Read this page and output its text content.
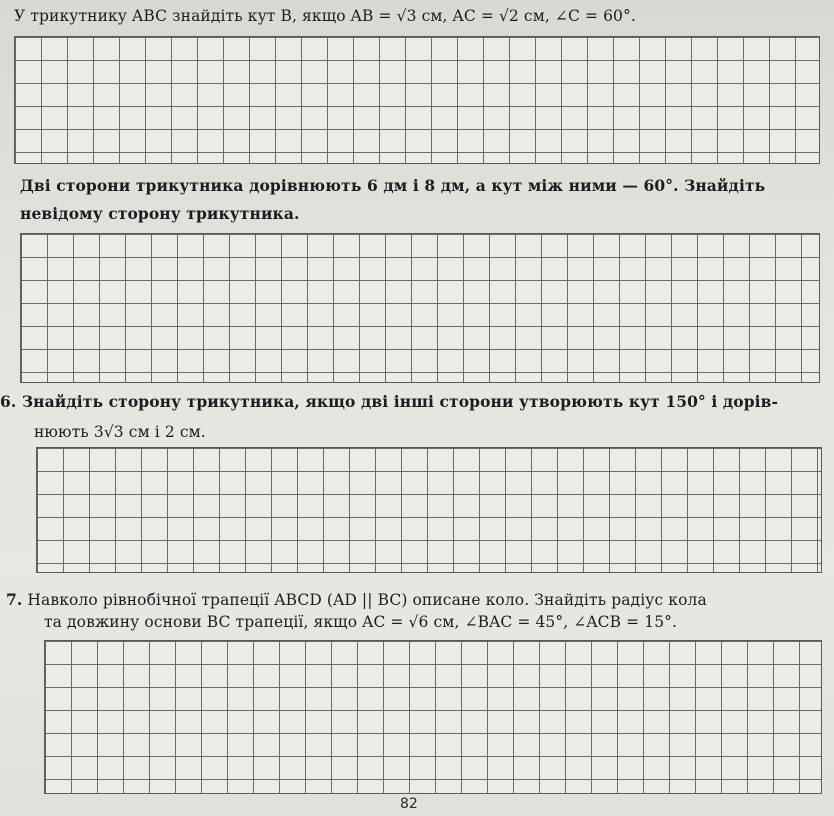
У трикутнику ABC знайдіть кут B, якщо AB = √3 см, AC = √2 см, ∠C = 60°.
Дві сторони трикутника дорівнюють 6 дм і 8 дм, а кут між ними — 60°. Знайдіть
невідому сторону трикутника.
6. Знайдіть сторону трикутника, якщо дві інші сторони утворюють кут 150° і дорів-
нюють 3√3 см і 2 см.
7. Навколо рівнобічної трапеції ABCD (AD || BC) описане коло. Знайдіть радіус кола
та довжину основи BC трапеції, якщо AC = √6 см, ∠BAC = 45°, ∠ACB = 15°.
82
